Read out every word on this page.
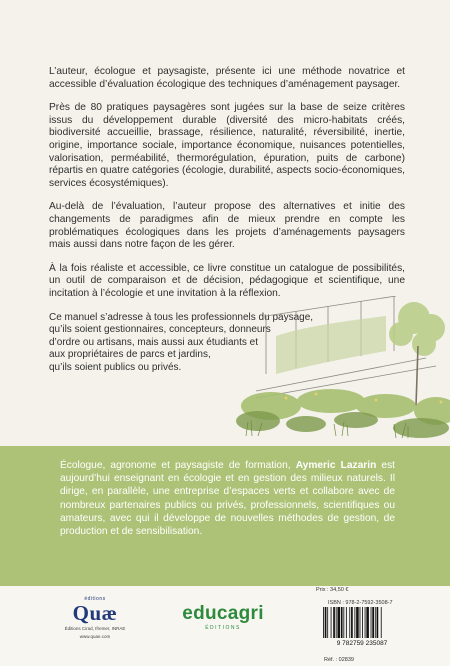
L’auteur, écologue et paysagiste, présente ici une méthode novatrice et accessible d’évaluation écologique des techniques d’aménagement paysager.

Près de 80 pratiques paysagères sont jugées sur la base de seize critères issus du développement durable (diversité des micro-habitats créés, biodiversité accueillie, brassage, résilience, naturalité, réversibilité, inertie, origine, importance sociale, importance économique, nuisances potentielles, valorisation, perméabilité, thermorégulation, épuration, puits de carbone) répartis en quatre catégories (écologie, durabilité, aspects socio-économiques, services écosystémiques).

Au-delà de l’évaluation, l’auteur propose des alternatives et initie des changements de paradigmes afin de mieux prendre en compte les problématiques écologiques dans les projets d’aménagements paysagers mais aussi dans notre façon de les gérer.

À la fois réaliste et accessible, ce livre constitue un catalogue de possibilités, un outil de comparaison et de décision, pédagogique et scientifique, une incitation à l’écologie et une invitation à la réflexion.

Ce manuel s’adresse à tous les professionnels du paysage,
qu’ils soient gestionnaires, concepteurs, donneurs
d’ordre ou artisans, mais aussi aux étudiants et
aux propriétaires de parcs et jardins,
qu’ils soient publics ou privés.
Écologue, agronome et paysagiste de formation, Aymeric Lazarin est aujourd’hui enseignant en écologie et en gestion des milieux naturels. Il dirige, en parallèle, une entreprise d’espaces verts et collabore avec de nombreux partenaires publics ou privés, professionnels, scientifiques ou amateurs, avec qui il développe de nouvelles méthodes de gestion, de production et de sensibilisation.
éditions
Quæ
Éditions Cirad, Ifremer, INRAE
www.quae.com
educagri
ÉDITIONS
Prix : 34,50 €
ISBN : 978-2-7592-3508-7
9 782759 235087
Réf. : 02839
